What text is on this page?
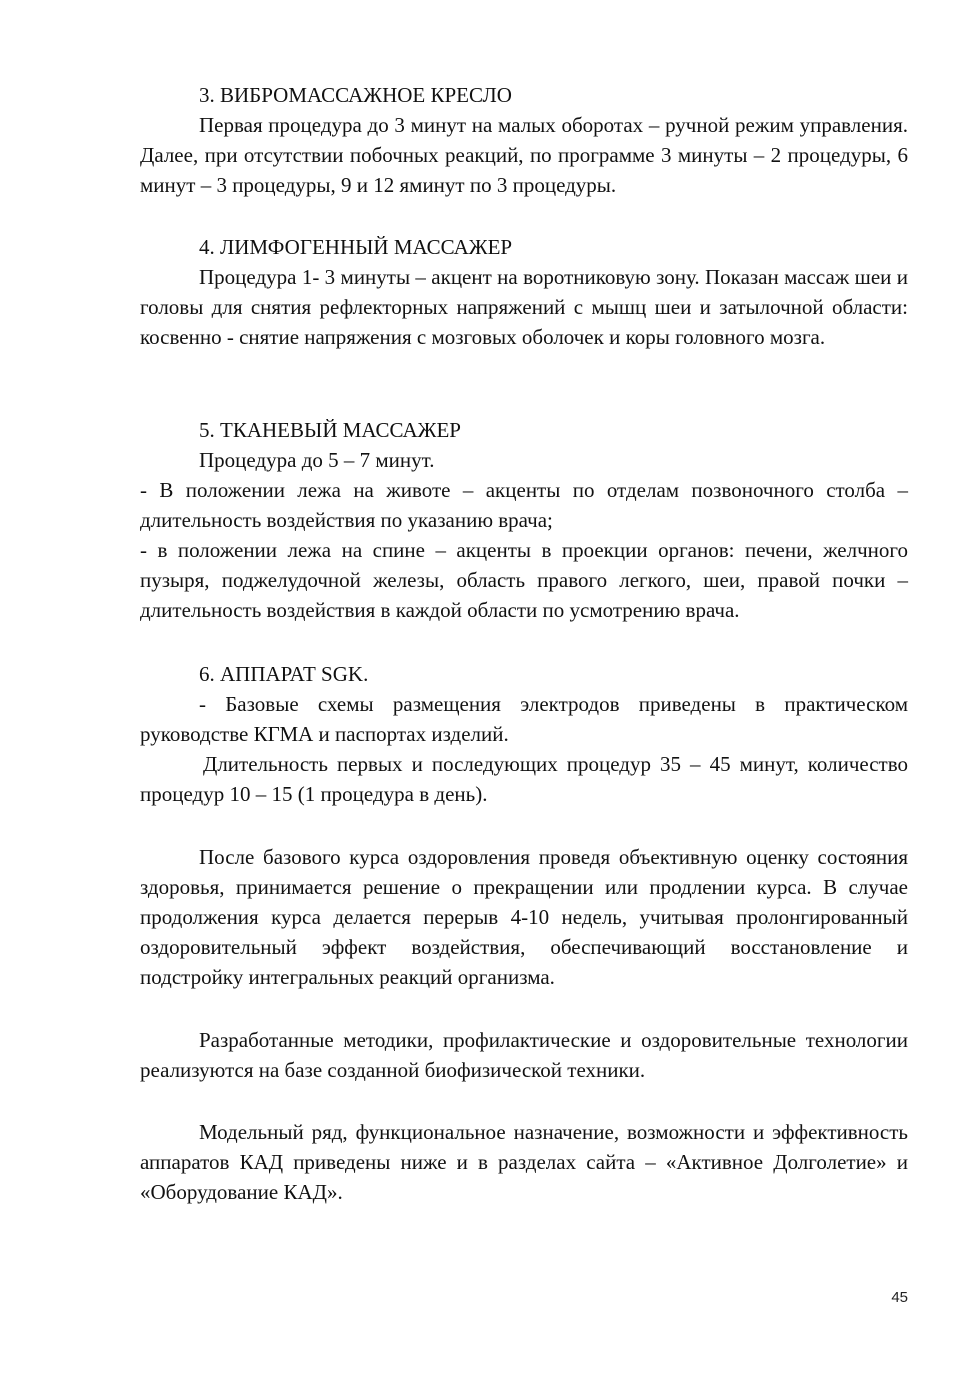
3. ВИБРОМАССАЖНОЕ КРЕСЛО

Первая процедура до 3 минут на малых оборотах – ручной режим управления. Далее, при отсутствии побочных реакций, по программе 3 минуты – 2 процедуры, 6 минут – 3 процедуры, 9 и 12 яминут по 3 процедуры.

4. ЛИМФОГЕННЫЙ МАССАЖЕР

Процедура 1- 3 минуты – акцент на воротниковую зону. Показан массаж шеи и головы для снятия рефлекторных напряжений с мышц шеи и затылочной области: косвенно - снятие напряжения с мозговых оболочек и коры головного мозга.

5. ТКАНЕВЫЙ МАССАЖЕР

Процедура до 5 – 7 минут.

- В положении лежа на животе – акценты по отделам позвоночного столба – длительность воздействия по указанию врача;

- в положении лежа на спине – акценты в проекции органов: печени, желчного пузыря, поджелудочной железы, область правого легкого, шеи, правой почки – длительность воздействия в каждой области по усмотрению врача.

6. АППАРАТ SGK.

- Базовые схемы размещения электродов приведены в практическом руководстве КГМА и паспортах изделий.

Длительность первых и последующих процедур 35 – 45 минут, количество процедур 10 – 15 (1 процедура в день).

После базового курса оздоровления проведя объективную оценку состояния здоровья, принимается решение о прекращении или продлении курса. В случае продолжения курса делается перерыв 4-10 недель, учитывая пролонгированный оздоровительный эффект воздействия, обеспечивающий восстановление и подстройку интегральных реакций организма.

Разработанные методики, профилактические и оздоровительные технологии реализуются на базе созданной биофизической техники.

Модельный ряд, функциональное назначение, возможности и эффективность аппаратов КАД приведены ниже и в разделах сайта – «Активное Долголетие» и «Оборудование КАД».

45
